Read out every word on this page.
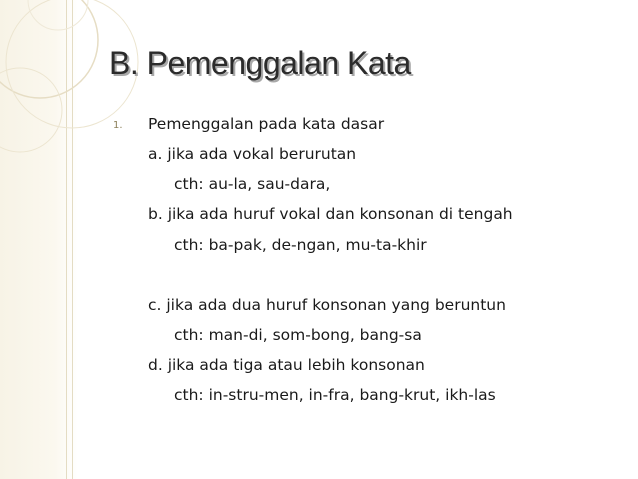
B. Pemenggalan Kata
1. Pemenggalan pada kata dasar
a. jika ada vokal berurutan
cth: au-la, sau-dara,
b. jika ada huruf vokal dan konsonan di tengah
cth: ba-pak, de-ngan, mu-ta-khir
c. jika ada dua huruf konsonan yang beruntun
cth: man-di, som-bong, bang-sa
d. jika ada tiga atau lebih konsonan
cth: in-stru-men, in-fra, bang-krut, ikh-las
